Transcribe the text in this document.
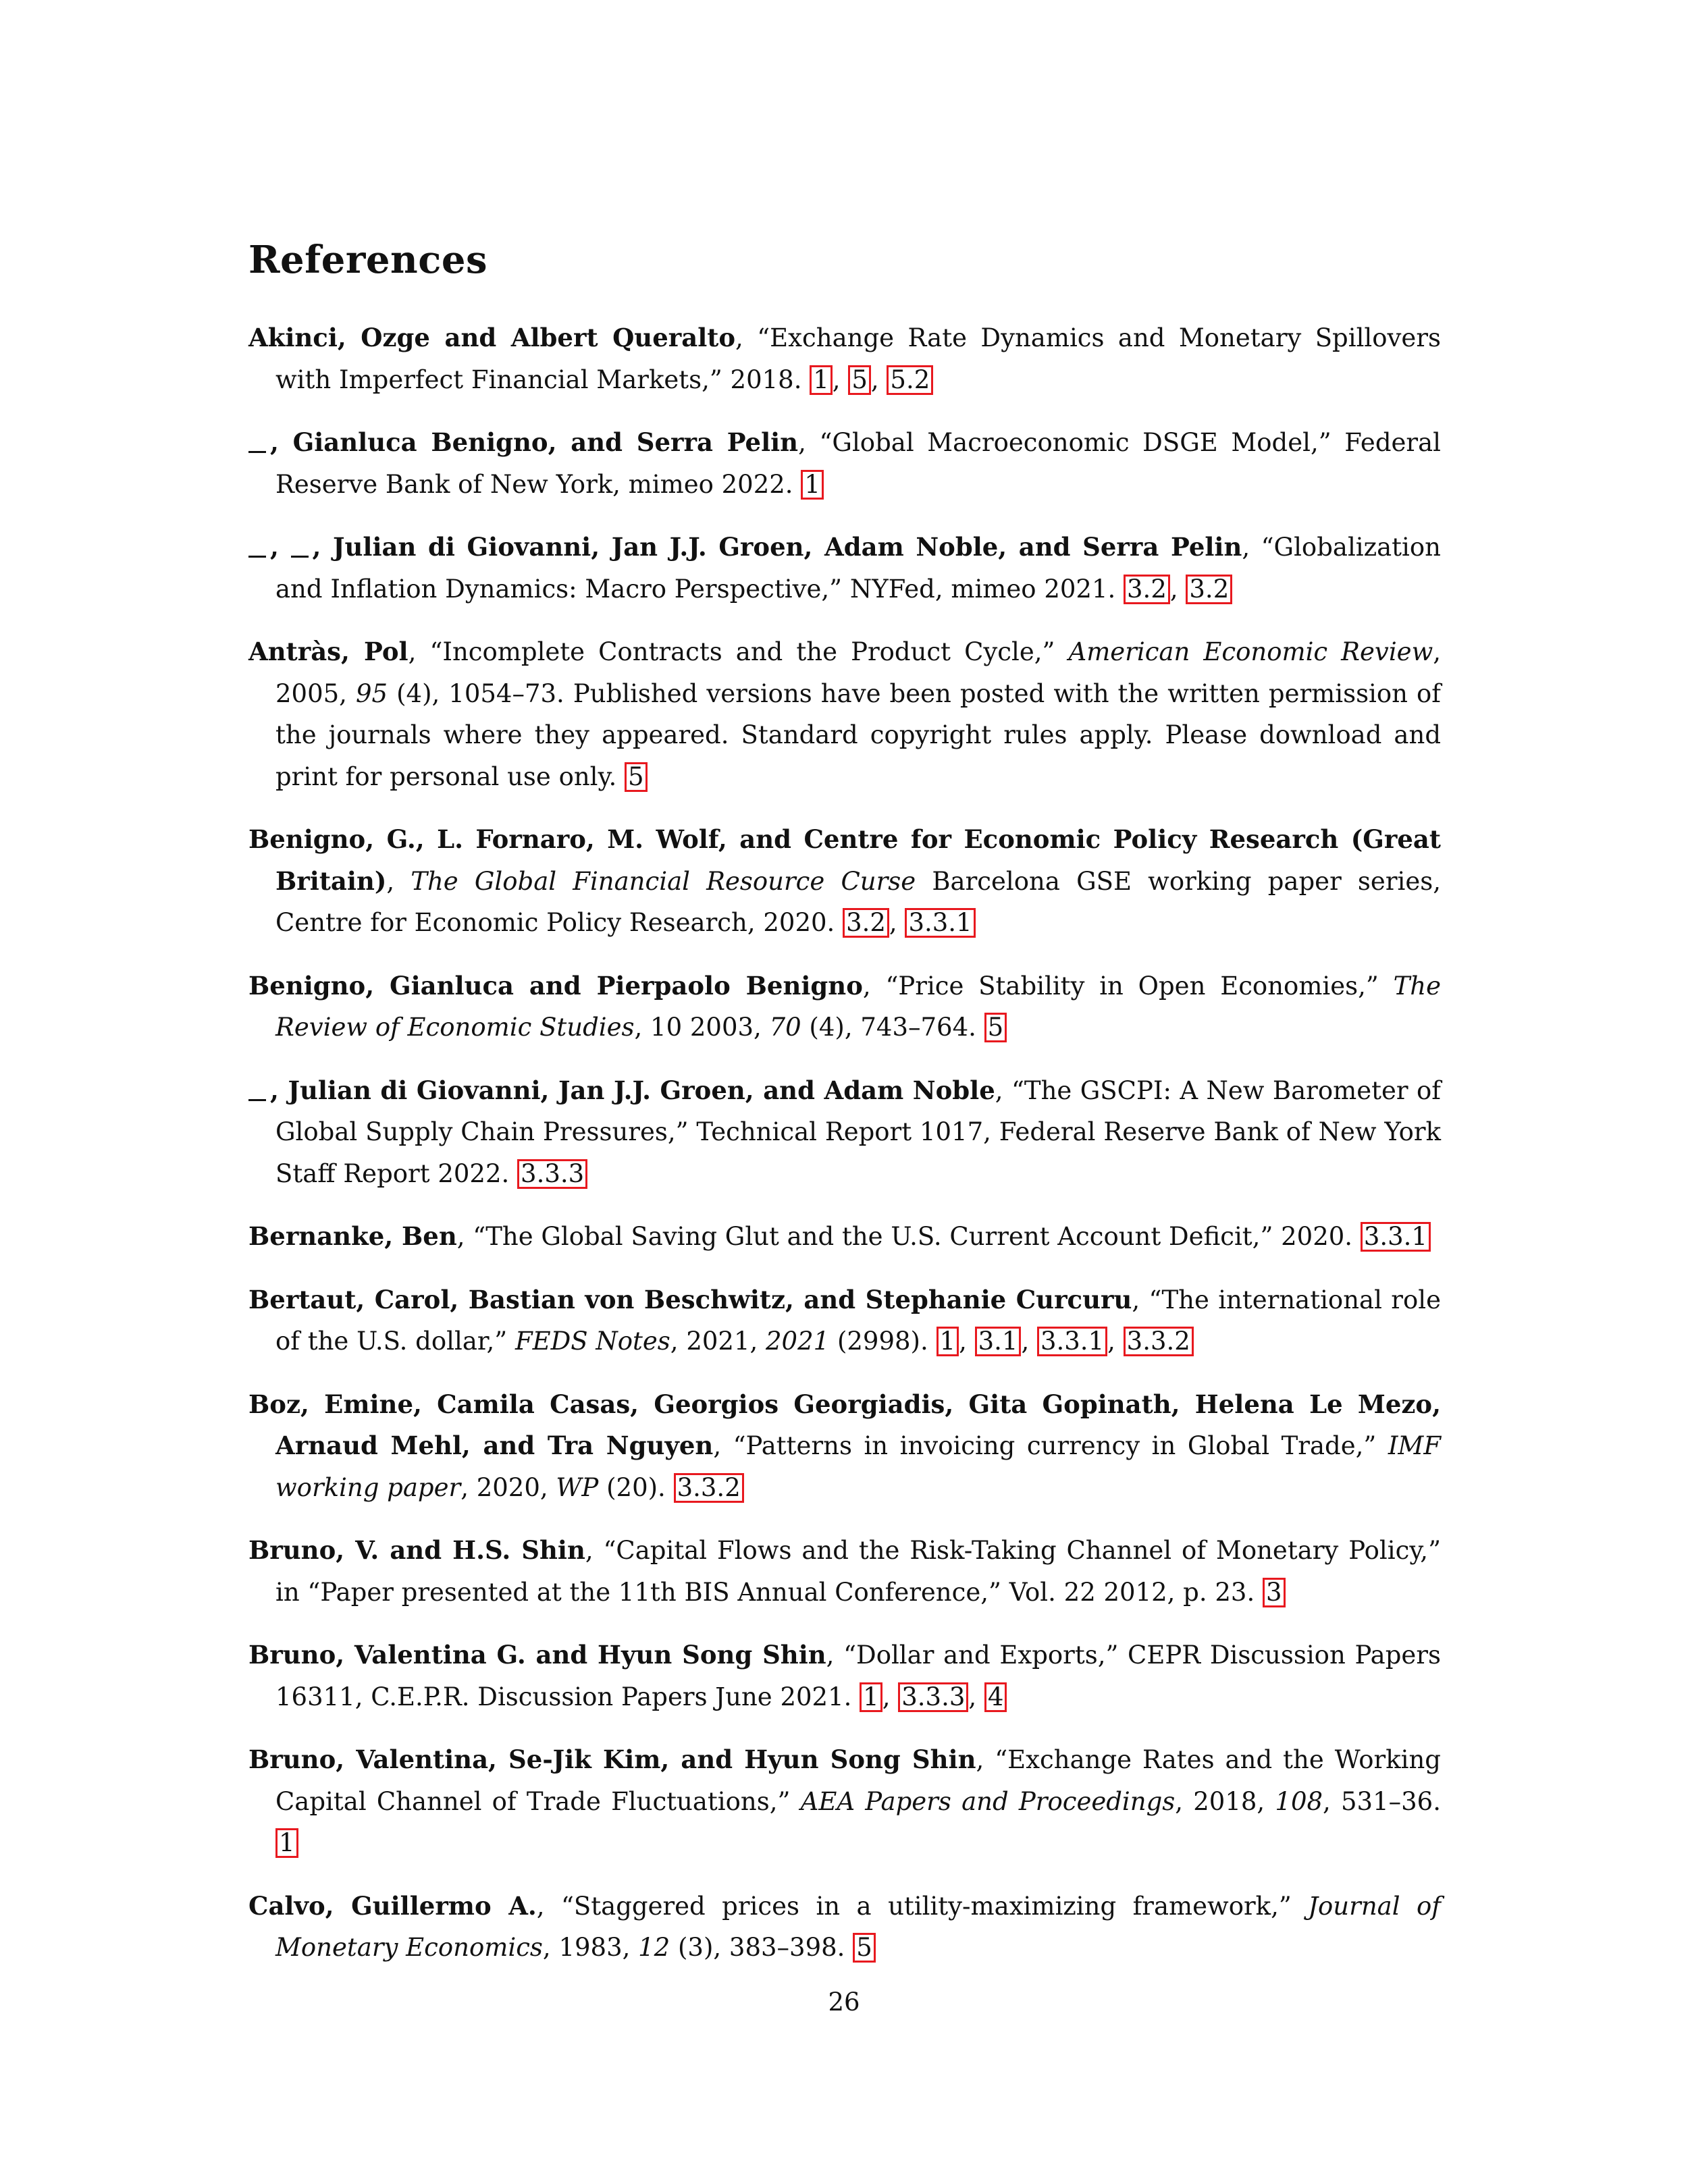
References
Akinci, Ozge and Albert Queralto, “Exchange Rate Dynamics and Monetary Spillovers with Imperfect Financial Markets,” 2018. 1 , 5 , 5.2
, Gianluca Benigno, and Serra Pelin, “Global Macroeconomic DSGE Model,” Federal Reserve Bank of New York, mimeo 2022. 1
, , Julian di Giovanni, Jan J.J. Groen, Adam Noble, and Serra Pelin, “Globalization and Inflation Dynamics: Macro Perspective,” NYFed, mimeo 2021. 3.2 , 3.2
Antràs, Pol, “Incomplete Contracts and the Product Cycle,” American Economic Review, 2005, 95 (4), 1054–73. Published versions have been posted with the written permission of the journals where they appeared. Standard copyright rules apply. Please download and print for personal use only. 5
Benigno, G., L. Fornaro, M. Wolf, and Centre for Economic Policy Research (Great Britain), The Global Financial Resource Curse Barcelona GSE working paper series, Centre for Economic Policy Research, 2020. 3.2 , 3.3.1
Benigno, Gianluca and Pierpaolo Benigno, “Price Stability in Open Economies,” The Review of Economic Studies, 10 2003, 70 (4), 743–764. 5
, Julian di Giovanni, Jan J.J. Groen, and Adam Noble, “The GSCPI: A New Barometer of Global Supply Chain Pressures,” Technical Report 1017, Federal Reserve Bank of New York Staff Report 2022. 3.3.3
Bernanke, Ben, “The Global Saving Glut and the U.S. Current Account Deficit,” 2020. 3.3.1
Bertaut, Carol, Bastian von Beschwitz, and Stephanie Curcuru, “The international role of the U.S. dollar,” FEDS Notes, 2021, 2021 (2998). 1 , 3.1 , 3.3.1 , 3.3.2
Boz, Emine, Camila Casas, Georgios Georgiadis, Gita Gopinath, Helena Le Mezo, Arnaud Mehl, and Tra Nguyen, “Patterns in invoicing currency in Global Trade,” IMF working paper, 2020, WP (20). 3.3.2
Bruno, V. and H.S. Shin, “Capital Flows and the Risk-Taking Channel of Monetary Policy,” in “Paper presented at the 11th BIS Annual Conference,” Vol. 22 2012, p. 23. 3
Bruno, Valentina G. and Hyun Song Shin, “Dollar and Exports,” CEPR Discussion Papers 16311, C.E.P.R. Discussion Papers June 2021. 1 , 3.3.3 , 4
Bruno, Valentina, Se-Jik Kim, and Hyun Song Shin, “Exchange Rates and the Working Capital Channel of Trade Fluctuations,” AEA Papers and Proceedings, 2018, 108, 531–36. 1
Calvo, Guillermo A., “Staggered prices in a utility-maximizing framework,” Journal of Monetary Economics, 1983, 12 (3), 383–398. 5
26
